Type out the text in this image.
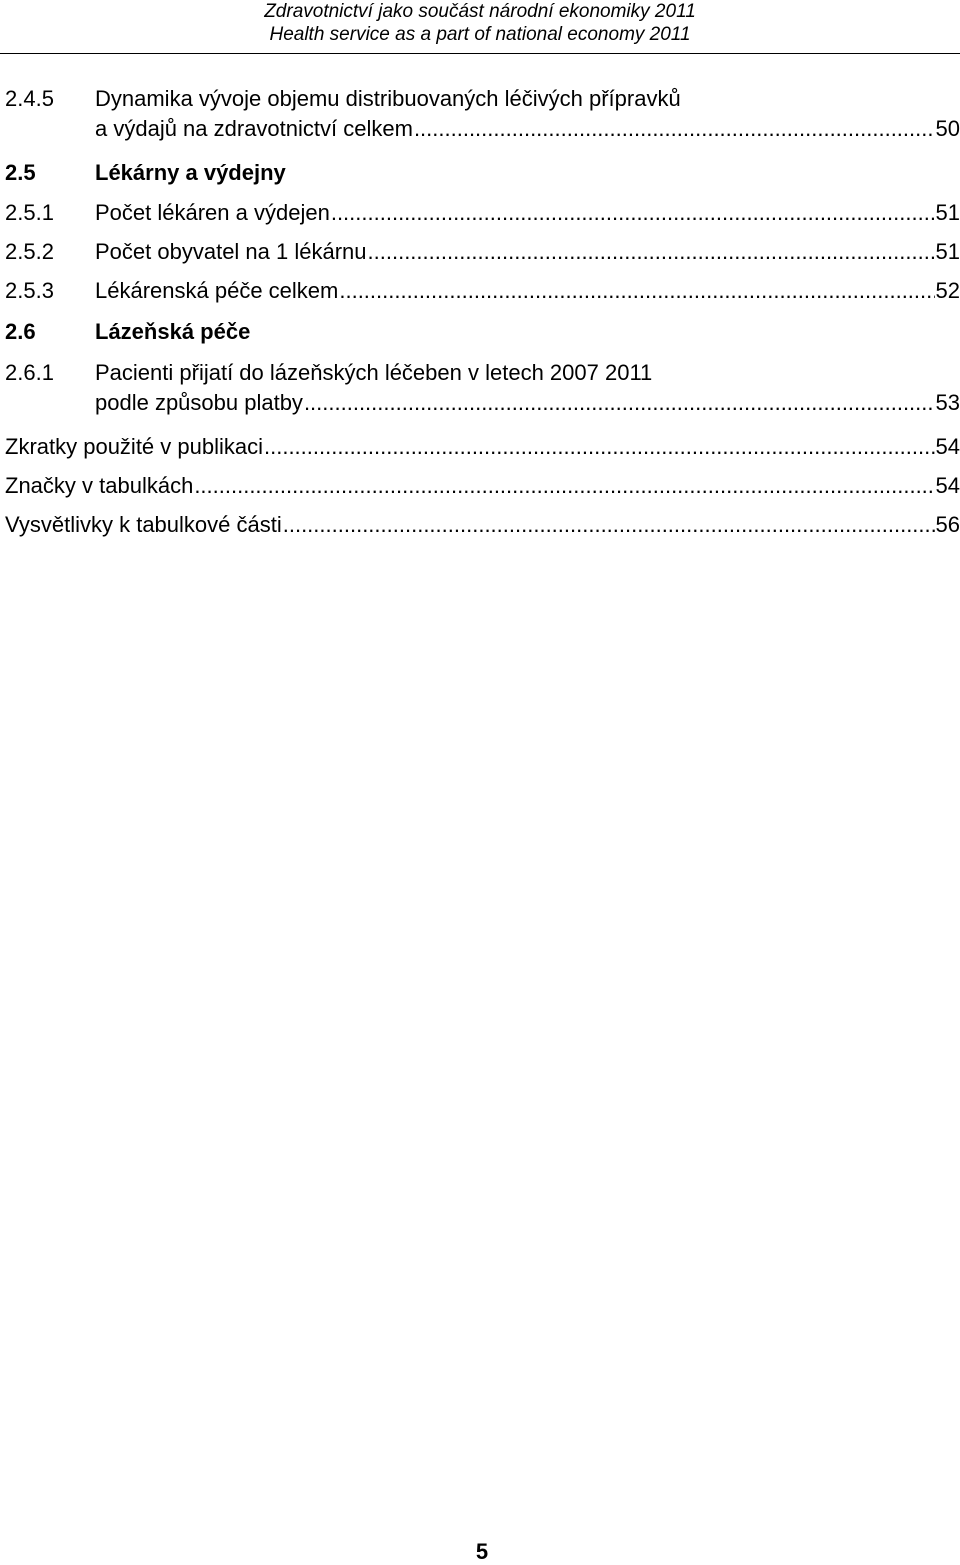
Zdravotnictví jako součást národní ekonomiky 2011
Health service as a part of national economy 2011
2.4.5	Dynamika vývoje objemu distribuovaných léčivých přípravků
a výdajů na zdravotnictví celkem .....	50
2.5	Lékárny a výdejny
2.5.1	Počet lékáren a výdejen .....	51
2.5.2	Počet obyvatel na 1 lékárnu .....	51
2.5.3	Lékárenská péče celkem .....	52
2.6	Lázeňská péče
2.6.1	Pacienti přijatí do lázeňských léčeben v letech 2007 2011
podle způsobu platby .....	53
Zkratky použité v publikaci .....	54
Značky v tabulkách .....	54
Vysvětlivky k tabulkové části .....	56
5
